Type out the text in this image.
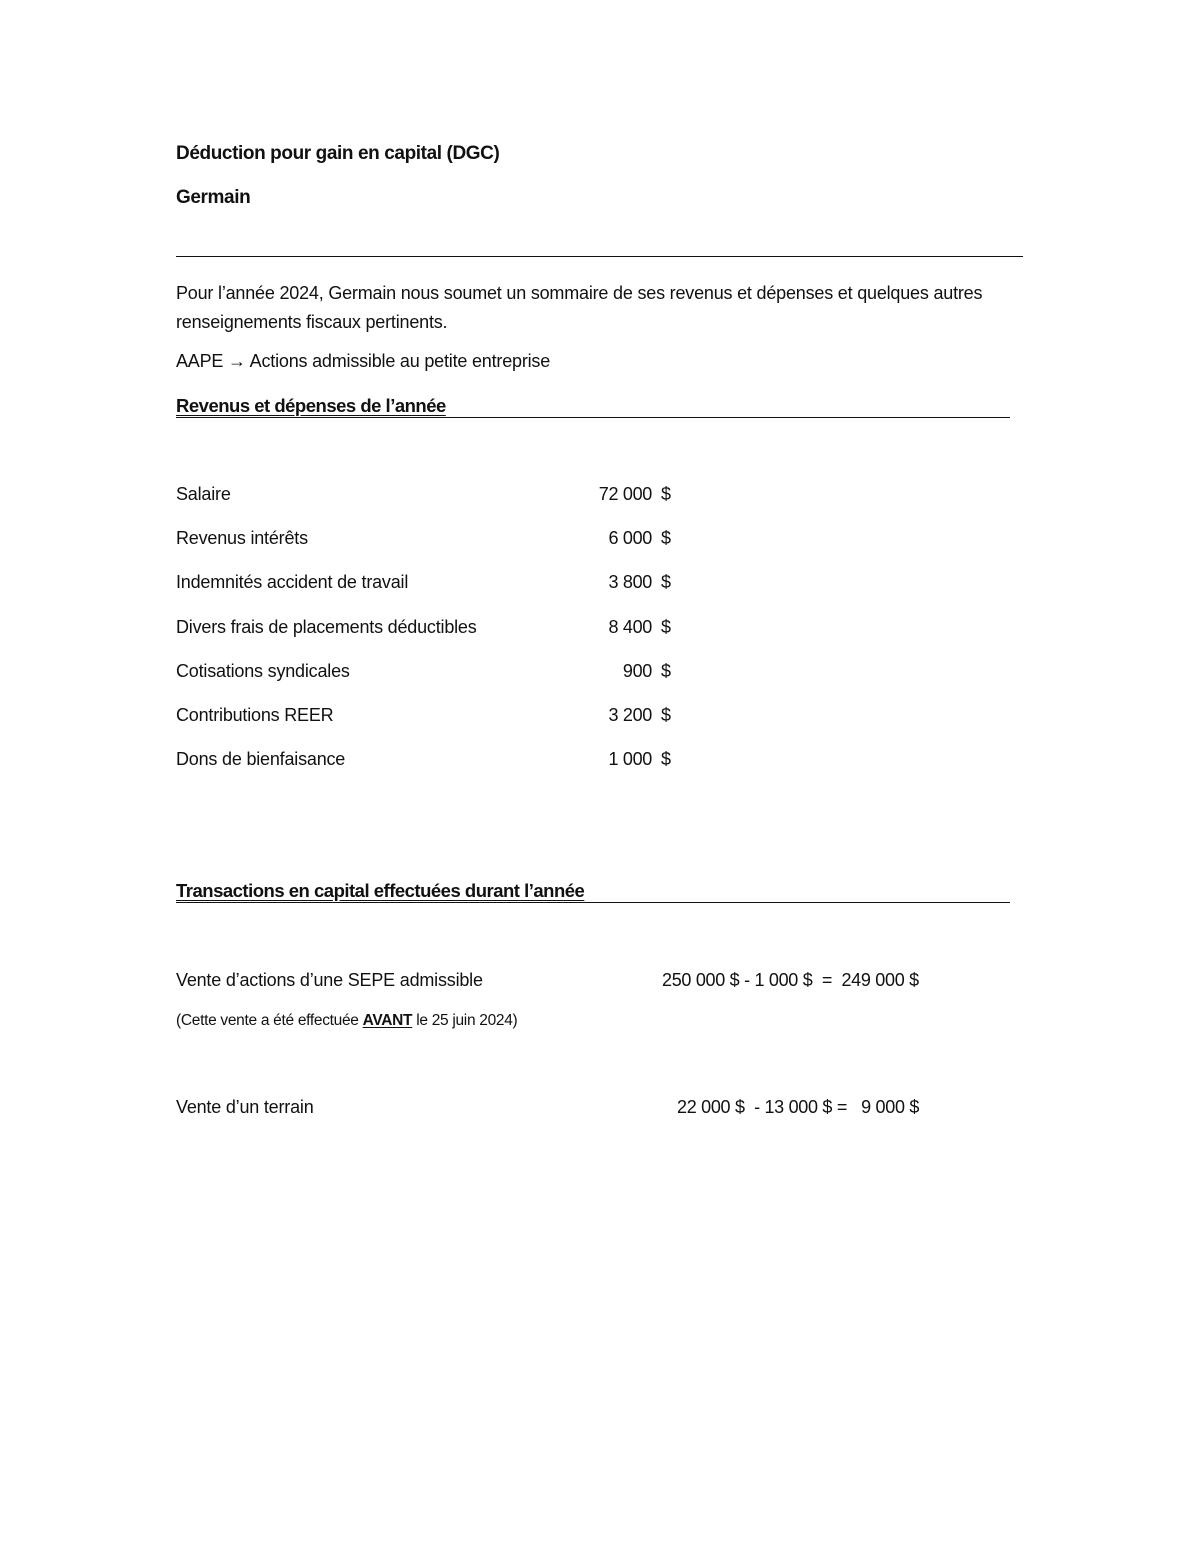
Déduction pour gain en capital (DGC)
Germain
Pour l’année 2024, Germain nous soumet un sommaire de ses revenus et dépenses et quelques autres renseignements fiscaux pertinents.
AAPE → Actions admissible au petite entreprise
Revenus et dépenses de l’année
Salaire	72 000 $
Revenus intérêts	6 000 $
Indemnités accident de travail	3 800 $
Divers frais de placements déductibles	8 400 $
Cotisations syndicales	900 $
Contributions REER	3 200 $
Dons de bienfaisance	1 000 $
Transactions en capital effectuées durant l’année
Vente d’actions d’une SEPE admissible	250 000 $ - 1 000 $  =  249 000 $
(Cette vente a été effectuée AVANT le 25 juin 2024)
Vente d’un terrain	22 000 $  - 13 000 $ =   9 000 $
